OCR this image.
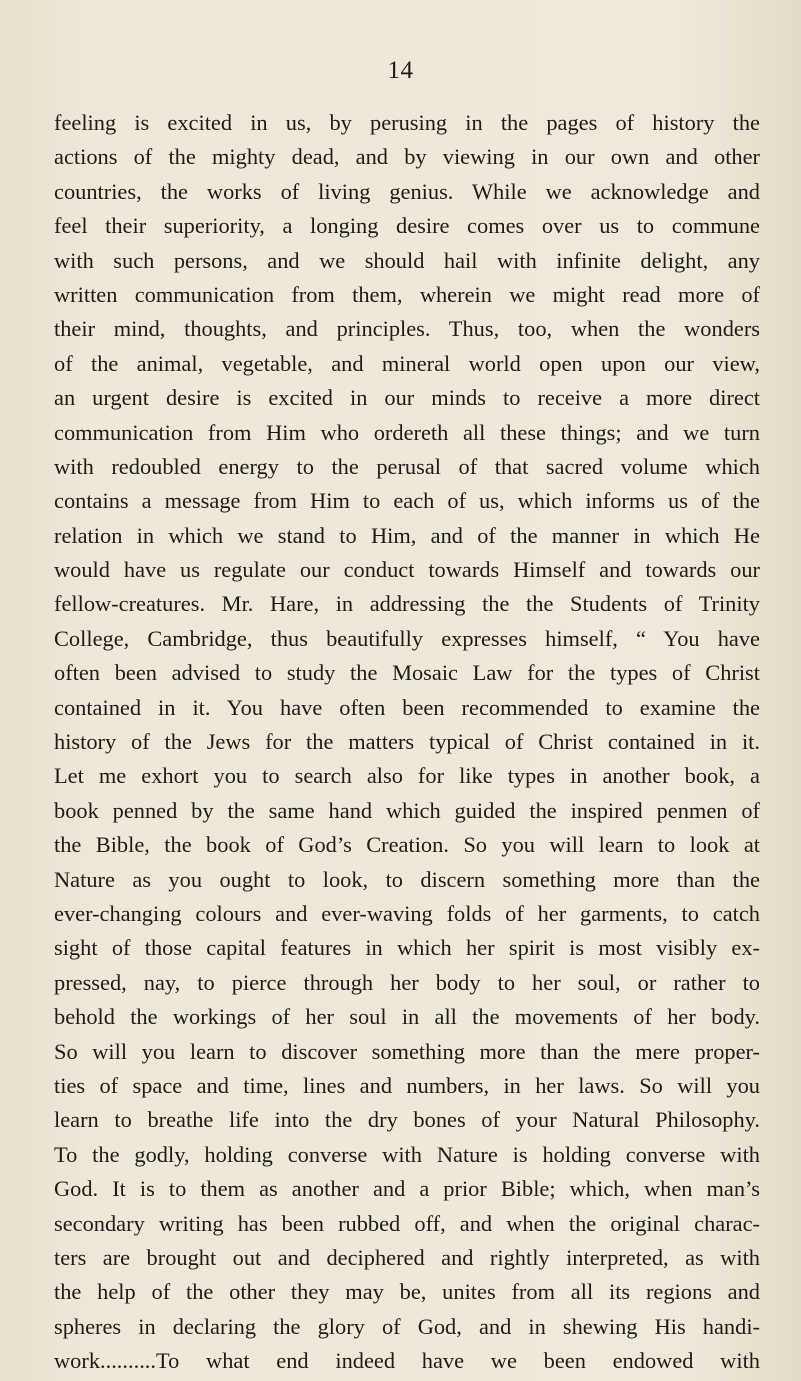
14
feeling is excited in us, by perusing in the pages of history the
actions of the mighty dead, and by viewing in our own and other
countries, the works of living genius. While we acknowledge and
feel their superiority, a longing desire comes over us to commune
with such persons, and we should hail with infinite delight, any
written communication from them, wherein we might read more of
their mind, thoughts, and principles. Thus, too, when the wonders
of the animal, vegetable, and mineral world open upon our view,
an urgent desire is excited in our minds to receive a more direct
communication from Him who ordereth all these things; and we turn
with redoubled energy to the perusal of that sacred volume which
contains a message from Him to each of us, which informs us of the
relation in which we stand to Him, and of the manner in which He
would have us regulate our conduct towards Himself and towards our
fellow-creatures. Mr. Hare, in addressing the the Students of Trinity
College, Cambridge, thus beautifully expresses himself, “ You have
often been advised to study the Mosaic Law for the types of Christ
contained in it. You have often been recommended to examine the
history of the Jews for the matters typical of Christ contained in it.
Let me exhort you to search also for like types in another book, a
book penned by the same hand which guided the inspired penmen of
the Bible, the book of God’s Creation. So you will learn to look at
Nature as you ought to look, to discern something more than the
ever-changing colours and ever-waving folds of her garments, to catch
sight of those capital features in which her spirit is most visibly ex-
pressed, nay, to pierce through her body to her soul, or rather to
behold the workings of her soul in all the movements of her body.
So will you learn to discover something more than the mere proper-
ties of space and time, lines and numbers, in her laws. So will you
learn to breathe life into the dry bones of your Natural Philosophy.
To the godly, holding converse with Nature is holding converse with
God. It is to them as another and a prior Bible; which, when man’s
secondary writing has been rubbed off, and when the original charac-
ters are brought out and deciphered and rightly interpreted, as with
the help of the other they may be, unites from all its regions and
spheres in declaring the glory of God, and in shewing His handi-
work..........To what end indeed have we been endowed with
